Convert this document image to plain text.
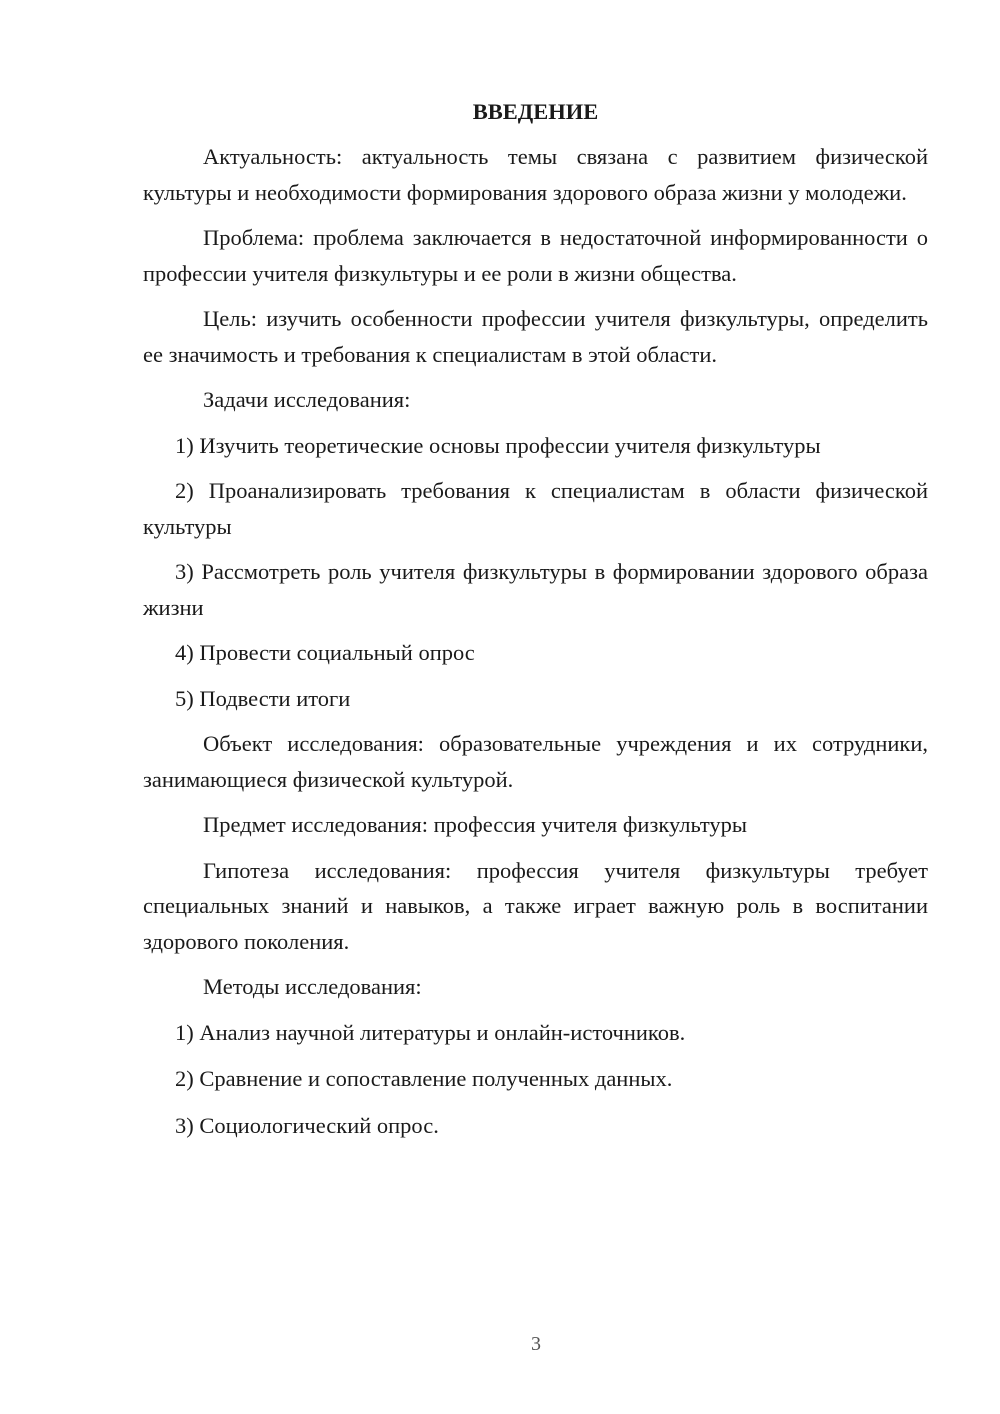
ВВЕДЕНИЕ

Актуальность: актуальность темы связана с развитием физической культуры и необходимости формирования здорового образа жизни у молодежи.

Проблема: проблема заключается в недостаточной информированности о профессии учителя физкультуры и ее роли в жизни общества.

Цель: изучить особенности профессии учителя физкультуры, определить ее значимость и требования к специалистам в этой области.

Задачи исследования:

1) Изучить теоретические основы профессии учителя физкультуры

2) Проанализировать требования к специалистам в области физической культуры

3) Рассмотреть роль учителя физкультуры в формировании здорового образа жизни

4) Провести социальный опрос

5) Подвести итоги

Объект исследования: образовательные учреждения и их сотрудники, занимающиеся физической культурой.

Предмет исследования: профессия учителя физкультуры

Гипотеза исследования: профессия учителя физкультуры требует специальных знаний и навыков, а также играет важную роль в воспитании здорового поколения.

Методы исследования:

1) Анализ научной литературы и онлайн-источников.

2) Сравнение и сопоставление полученных данных.

3) Социологический опрос.

3
